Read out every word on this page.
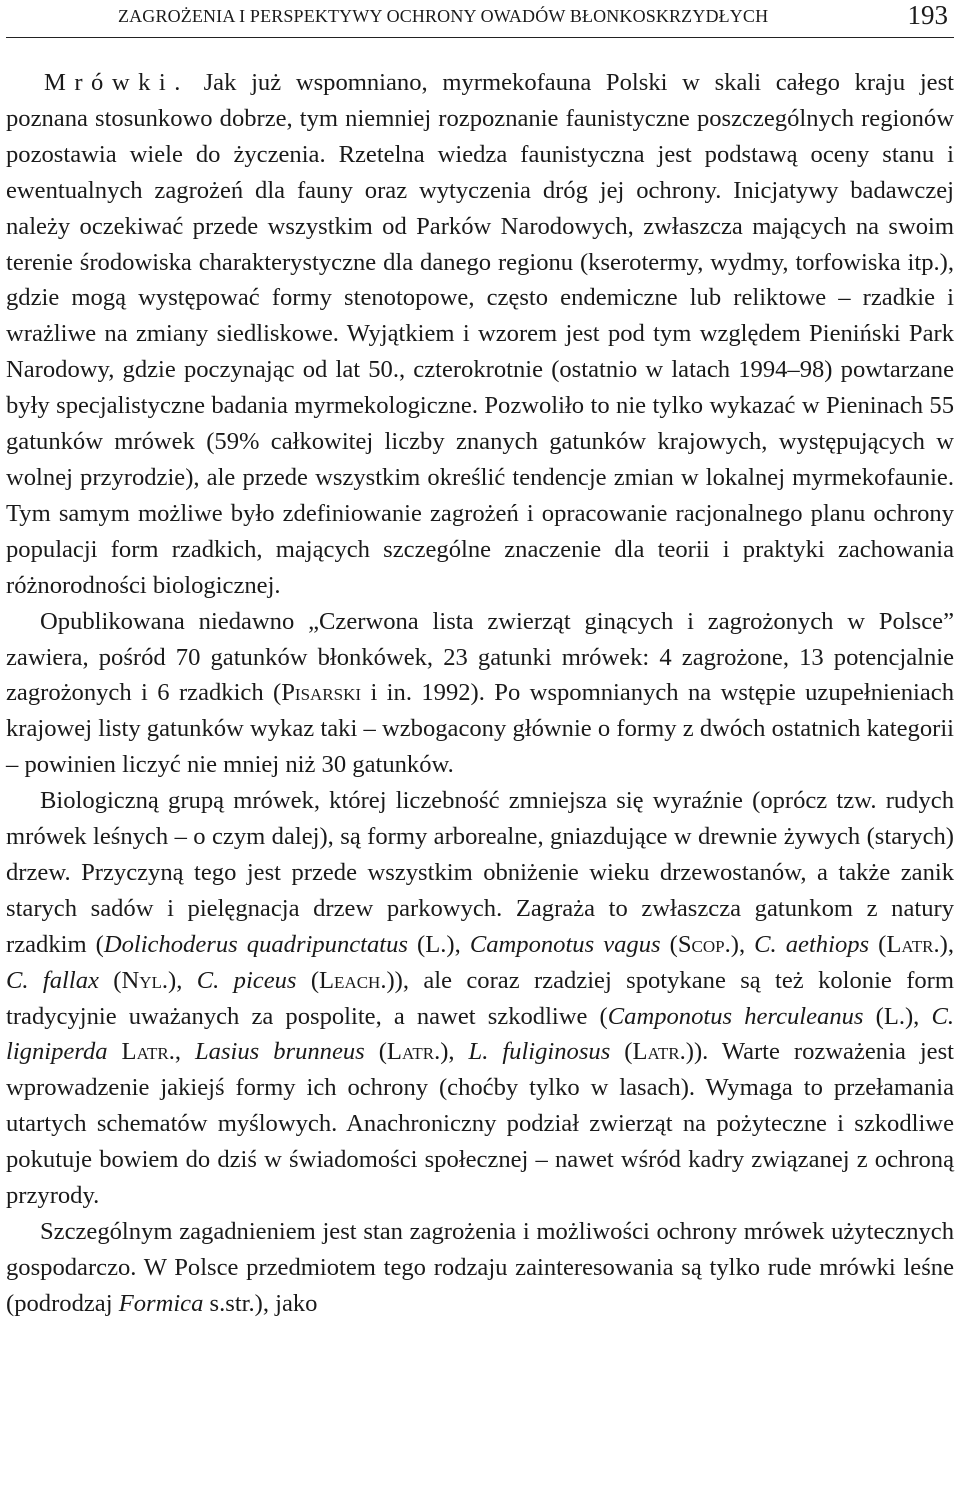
ZAGROŻENIA I PERSPEKTYWY OCHRONY OWADÓW BŁONKOSKRZYDŁYCH	193

Mrówki. Jak już wspomniano, myrmekofauna Polski w skali całego kraju jest poznana stosunkowo dobrze, tym niemniej rozpoznanie faunistyczne poszczególnych regionów pozostawia wiele do życzenia. Rzetelna wiedza faunistyczna jest podstawą oceny stanu i ewentualnych zagrożeń dla fauny oraz wytyczenia dróg jej ochrony. Inicjatywy badawczej należy oczekiwać przede wszystkim od Parków Narodowych, zwłaszcza mających na swoim terenie środowiska charakterystyczne dla danego regionu (kserotermy, wydmy, torfowiska itp.), gdzie mogą występować formy stenotopowe, często endemiczne lub reliktowe – rzadkie i wrażliwe na zmiany siedliskowe. Wyjątkiem i wzorem jest pod tym względem Pieniński Park Narodowy, gdzie poczynając od lat 50., czterokrotnie (ostatnio w latach 1994–98) powtarzane były specjalistyczne badania myrmekologiczne. Pozwoliło to nie tylko wykazać w Pieninach 55 gatunków mrówek (59% całkowitej liczby znanych gatunków krajowych, występujących w wolnej przyrodzie), ale przede wszystkim określić tendencje zmian w lokalnej myrmekofaunie. Tym samym możliwe było zdefiniowanie zagrożeń i opracowanie racjonalnego planu ochrony populacji form rzadkich, mających szczególne znaczenie dla teorii i praktyki zachowania różnorodności biologicznej.

Opublikowana niedawno „Czerwona lista zwierząt ginących i zagrożonych w Polsce” zawiera, pośród 70 gatunków błonkówek, 23 gatunki mrówek: 4 zagrożone, 13 potencjalnie zagrożonych i 6 rzadkich (Pisarski i in. 1992). Po wspomnianych na wstępie uzupełnieniach krajowej listy gatunków wykaz taki – wzbogacony głównie o formy z dwóch ostatnich kategorii – powinien liczyć nie mniej niż 30 gatunków.

Biologiczną grupą mrówek, której liczebność zmniejsza się wyraźnie (oprócz tzw. rudych mrówek leśnych – o czym dalej), są formy arborealne, gniazdujące w drewnie żywych (starych) drzew. Przyczyną tego jest przede wszystkim obniżenie wieku drzewostanów, a także zanik starych sadów i pielęgnacja drzew parkowych. Zagraża to zwłaszcza gatunkom z natury rzadkim (Dolichoderus quadripunctatus (L.), Camponotus vagus (Scop.), C. aethiops (Latr.), C. fallax (Nyl.), C. piceus (Leach.)), ale coraz rzadziej spotykane są też kolonie form tradycyjnie uważanych za pospolite, a nawet szkodliwe (Camponotus herculeanus (L.), C. ligniperda Latr., Lasius brunneus (Latr.), L. fuliginosus (Latr.)). Warte rozważenia jest wprowadzenie jakiejś formy ich ochrony (choćby tylko w lasach). Wymaga to przełamania utartych schematów myślowych. Anachroniczny podział zwierząt na pożyteczne i szkodliwe pokutuje bowiem do dziś w świadomości społecznej – nawet wśród kadry związanej z ochroną przyrody.

Szczególnym zagadnieniem jest stan zagrożenia i możliwości ochrony mrówek użytecznych gospodarczo. W Polsce przedmiotem tego rodzaju zainteresowania są tylko rude mrówki leśne (podrodzaj Formica s.str.), jako
